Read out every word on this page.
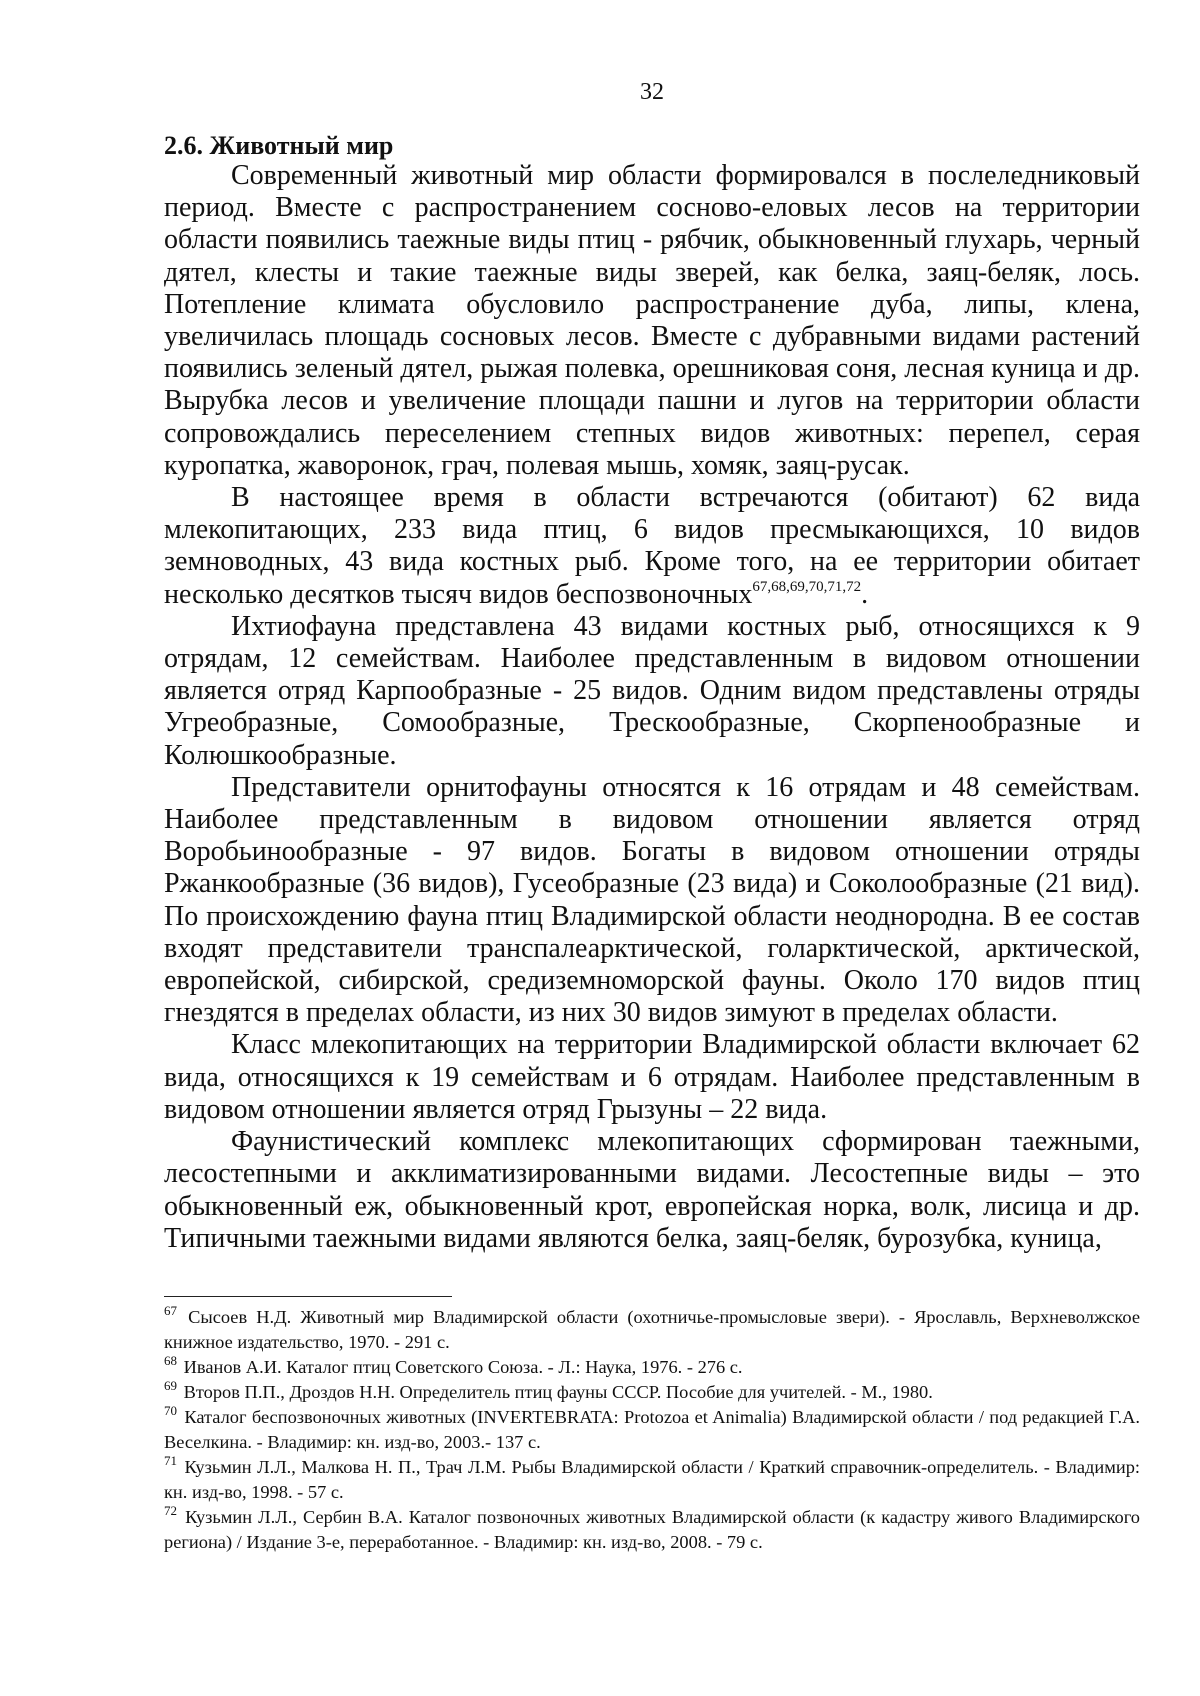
32
2.6. Животный мир

Современный животный мир области формировался в послеледниковый период. Вместе с распространением сосново-еловых лесов на территории области появились таежные виды птиц - рябчик, обыкновенный глухарь, черный дятел, клесты и такие таежные виды зверей, как белка, заяц-беляк, лось. Потепление климата обусловило распространение дуба, липы, клена, увеличилась площадь сосновых лесов. Вместе с дубравными видами растений появились зеленый дятел, рыжая полевка, орешниковая соня, лесная куница и др. Вырубка лесов и увеличение площади пашни и лугов на территории области сопровождались переселением степных видов животных: перепел, серая куропатка, жаворонок, грач, полевая мышь, хомяк, заяц-русак.

В настоящее время в области встречаются (обитают) 62 вида млекопитающих, 233 вида птиц, 6 видов пресмыкающихся, 10 видов земноводных, 43 вида костных рыб. Кроме того, на ее территории обитает несколько десятков тысяч видов беспозвоночных$^{67,68,69,70,71,72}$.

Ихтиофауна представлена 43 видами костных рыб, относящихся к 9 отрядам, 12 семействам. Наиболее представленным в видовом отношении является отряд Карпообразные - 25 видов. Одним видом представлены отряды Угреобразные, Сомообразные, Трескообразные, Скорпенообразные и Колюшкообразные.

Представители орнитофауны относятся к 16 отрядам и 48 семействам. Наиболее представленным в видовом отношении является отряд Воробьинообразные - 97 видов. Богаты в видовом отношении отряды Ржанкообразные (36 видов), Гусеобразные (23 вида) и Соколообразные (21 вид). По происхождению фауна птиц Владимирской области неоднородна. В ее состав входят представители транспалеарктической, голарктической, арктической, европейской, сибирской, средиземноморской фауны. Около 170 видов птиц гнездятся в пределах области, из них 30 видов зимуют в пределах области.

Класс млекопитающих на территории Владимирской области включает 62 вида, относящихся к 19 семействам и 6 отрядам. Наиболее представленным в видовом отношении является отряд Грызуны – 22 вида.

Фаунистический комплекс млекопитающих сформирован таежными, лесостепными и акклиматизированными видами. Лесостепные виды – это обыкновенный еж, обыкновенный крот, европейская норка, волк, лисица и др. Типичными таежными видами являются белка, заяц-беляк, бурозубка, куница,

$^{67}$ Сысоев Н.Д. Животный мир Владимирской области (охотничье-промысловые звери). - Ярославль, Верхневолжское книжное издательство, 1970. - 291 с.

$^{68}$ Иванов А.И. Каталог птиц Советского Союза. - Л.: Наука, 1976. - 276 с.

$^{69}$ Второв П.П., Дроздов Н.Н. Определитель птиц фауны СССР. Пособие для учителей. - М., 1980.

$^{70}$ Каталог беспозвоночных животных (INVERTEBRATA: Protozoa et Animalia) Владимирской области / под редакцией Г.А. Веселкина. - Владимир: кн. изд-во, 2003.- 137 с.

$^{71}$ Кузьмин Л.Л., Малкова Н. П., Трач Л.М. Рыбы Владимирской области / Краткий справочник-определитель. - Владимир: кн. изд-во, 1998. - 57 с.

$^{72}$ Кузьмин Л.Л., Сербин В.А. Каталог позвоночных животных Владимирской области (к кадастру живого Владимирского региона) / Издание 3-е, переработанное. - Владимир: кн. изд-во, 2008. - 79 с.
